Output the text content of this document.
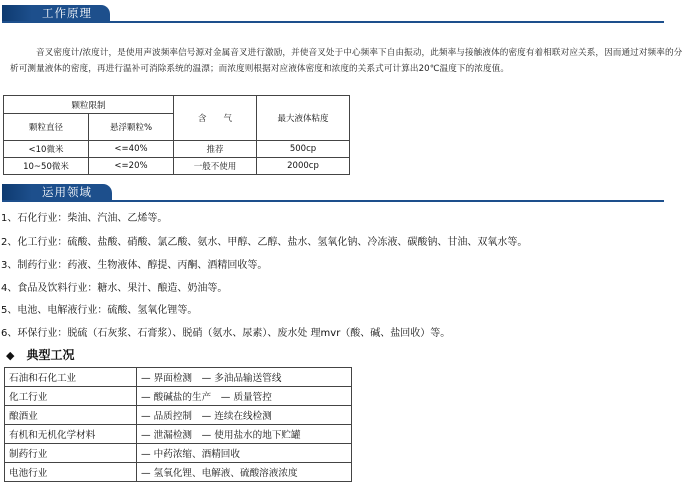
工作原理
音叉密度计/浓度计，是使用声波频率信号源对金属音叉进行激励，并使音叉处于中心频率下自由振动，此频率与接触液体的密度有着相联对应关系，因而通过对频率的分析可测量液体的密度，再进行温补可消除系统的温漂；而浓度则根据对应液体密度和浓度的关系式可计算出20℃温度下的浓度值。
颗粒限制		含　　气	最大液体粘度
颗粒直径	悬浮颗粒%		
<10微米	<=40%	推荐	500cp
10~50微米	<=20%	一般不使用	2000cp
运用领域
1、石化行业：柴油、汽油、乙烯等。
2、化工行业：硫酸、盐酸、硝酸、氯乙酸、氨水、甲醇、乙醇、盐水、氢氧化钠、冷冻液、碳酸钠、甘油、双氧水等。
3、制药行业：药液、生物液体、醇提、丙酮、酒精回收等。
4、食品及饮料行业：糖水、果汁、酿造、奶油等。
5、电池、电解液行业：硫酸、氢氧化锂等。
6、环保行业：脱硫（石灰浆、石膏浆）、脱硝（氨水、尿素）、废水处 理mvr（酸、碱、盐回收）等。
◆ 典型工况
石油和石化工业	— 界面检测　— 多油品输送管线
化工行业	— 酸碱盐的生产　— 质量管控
酿酒业	— 品质控制　— 连续在线检测
有机和无机化学材料	— 泄漏检测　— 使用盐水的地下贮罐
制药行业	— 中药浓缩、酒精回收
电池行业	— 氢氧化锂、电解液、硫酸溶液浓度
